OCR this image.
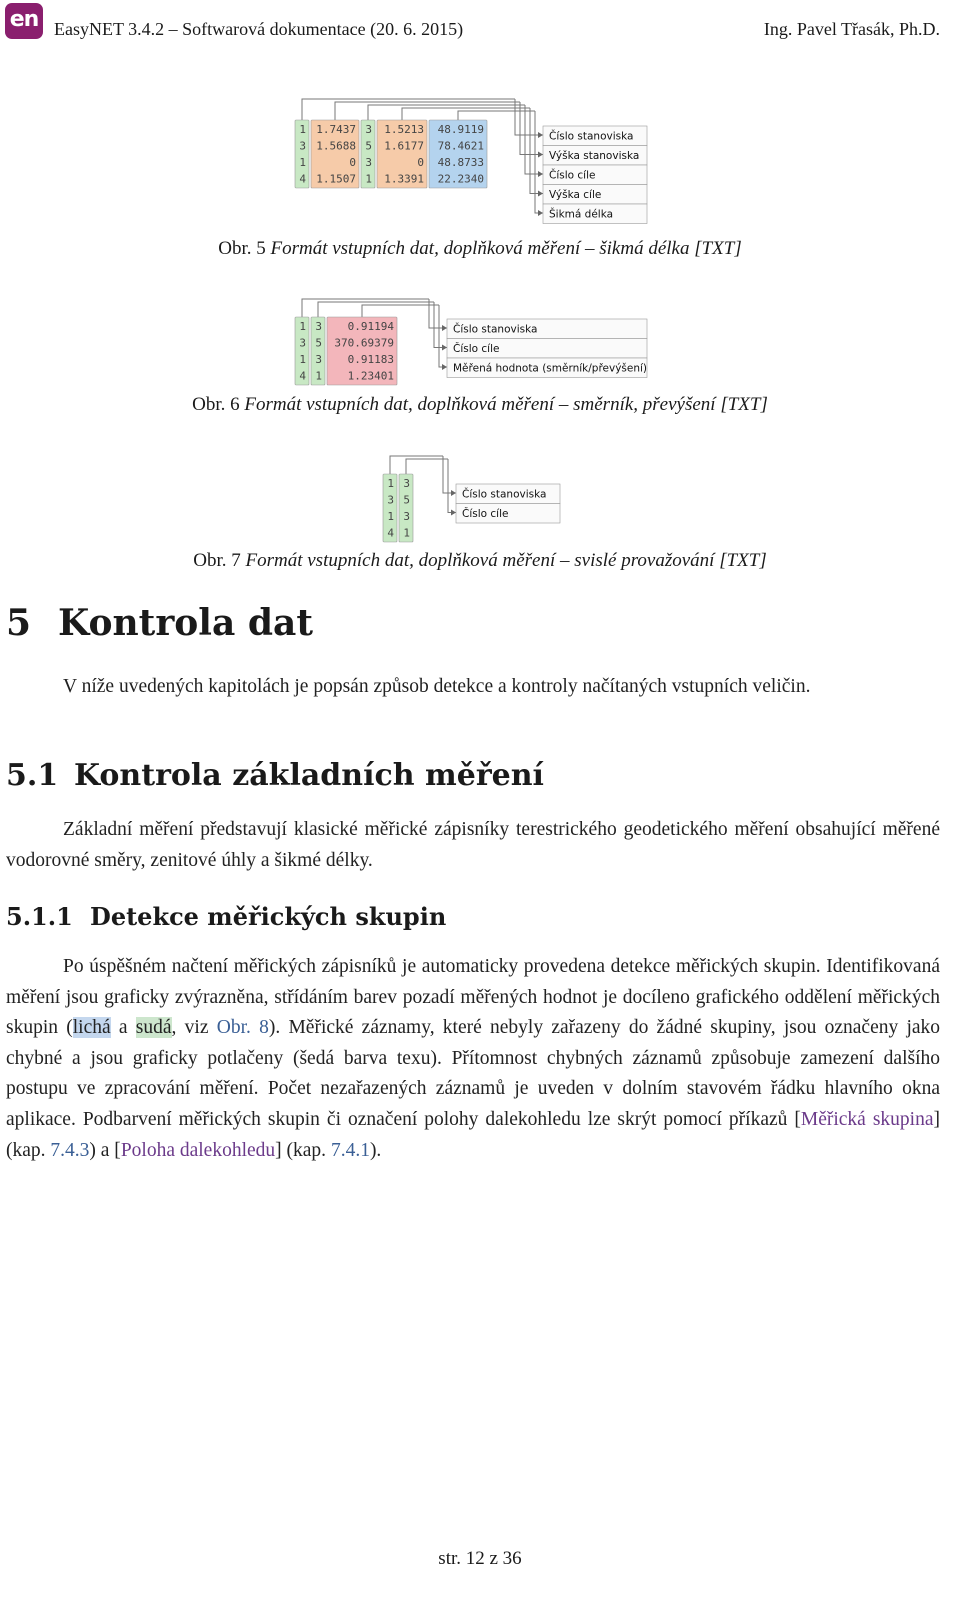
en EasyNET 3.4.2 – Softwarová dokumentace (20. 6. 2015)	Ing. Pavel Třasák, Ph.D.
1
3
1
4
1.7437
1.5688
0
1.1507
3
5
3
1
1.5213
1.6177
0
1.3391
48.9119
78.4621
48.8733
22.2340
Číslo stanoviska
Výška stanoviska
Číslo cíle
Výška cíle
Šikmá délka
Obr. 5 Formát vstupních dat, doplňková měření – šikmá délka [TXT]
1
3
1
4
3
5
3
1
0.91194
370.69379
0.91183
1.23401
Číslo stanoviska
Číslo cíle
Měřená hodnota (směrník/převýšení)
Obr. 6 Formát vstupních dat, doplňková měření – směrník, převýšení [TXT]
1
3
1
4
3
5
3
1
Číslo stanoviska
Číslo cíle
Obr. 7 Formát vstupních dat, doplňková měření – svislé provažování [TXT]
5 Kontrola dat
V níže uvedených kapitolách je popsán způsob detekce a kontroly načítaných vstupních veličin.
5.1 Kontrola základních měření
Základní měření představují klasické měřické zápisníky terestrického geodetického měření obsahující měřené vodorovné směry, zenitové úhly a šikmé délky.
5.1.1 Detekce měřických skupin
Po úspěšném načtení měřických zápisníků je automaticky provedena detekce měřických skupin. Identifikovaná měření jsou graficky zvýrazněna, střídáním barev pozadí měřených hodnot je docíleno grafického oddělení měřických skupin (lichá a sudá, viz Obr. 8). Měřické záznamy, které nebyly zařazeny do žádné skupiny, jsou označeny jako chybné a jsou graficky potlačeny (šedá barva texu). Přítomnost chybných záznamů způsobuje zamezení dalšího postupu ve zpracování měření. Počet nezařazených záznamů je uveden v dolním stavovém řádku hlavního okna aplikace. Podbarvení měřických skupin či označení polohy dalekohledu lze skrýt pomocí příkazů [Měřická skupina] (kap. 7.4.3) a [Poloha dalekohledu] (kap. 7.4.1).
str. 12 z 36
